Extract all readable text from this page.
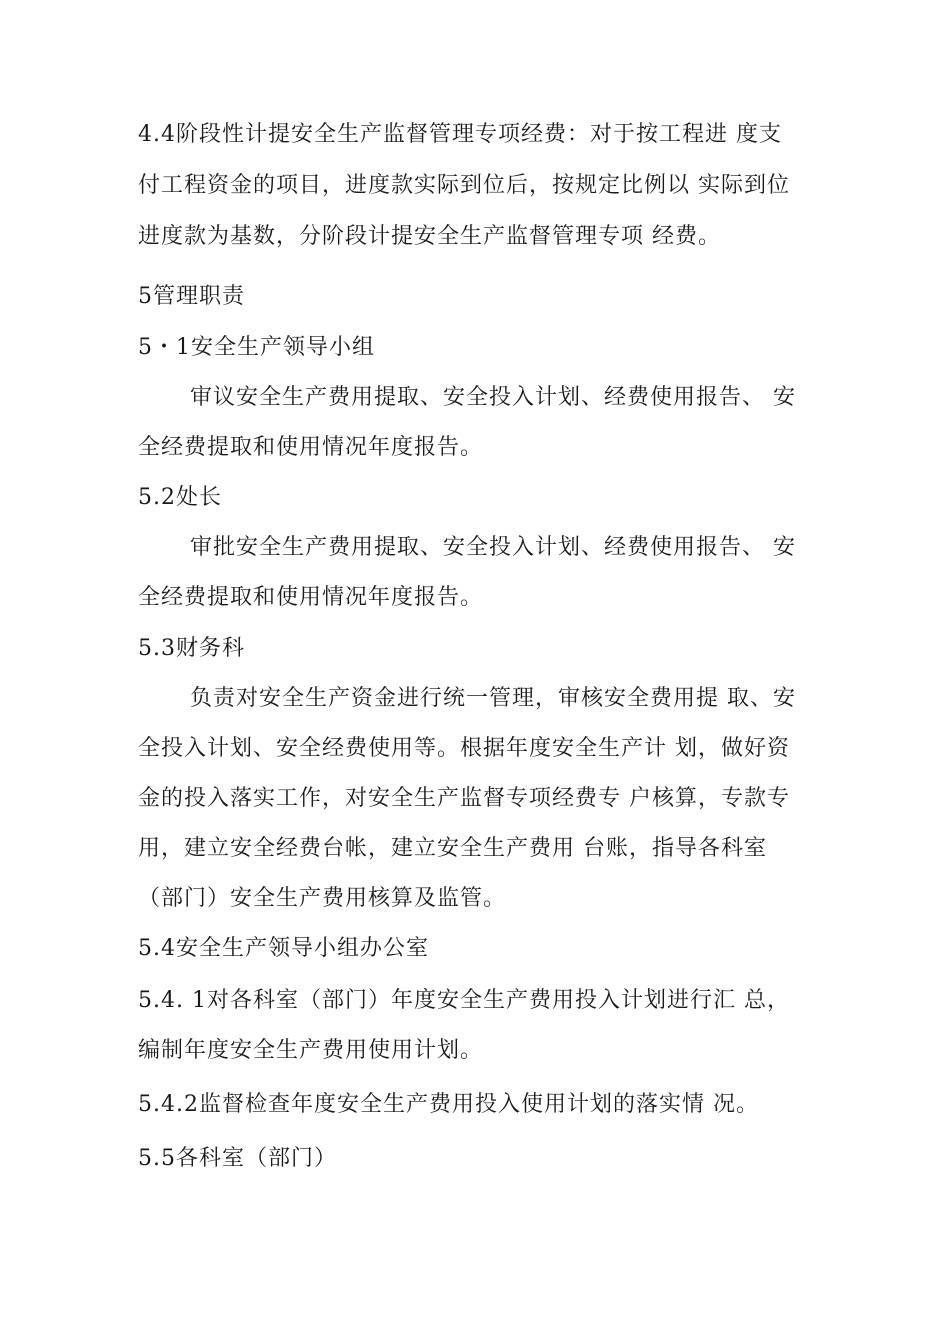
4.4阶段性计提安全生产监督管理专项经费：对于按工程进 度支
付工程资金的项目，进度款实际到位后，按规定比例以 实际到位
进度款为基数，分阶段计提安全生产监督管理专项 经费。
5管理职责
5・1安全生产领导小组
审议安全生产费用提取、安全投入计划、经费使用报告、 安
全经费提取和使用情况年度报告。
5.2处长
审批安全生产费用提取、安全投入计划、经费使用报告、 安
全经费提取和使用情况年度报告。
5.3财务科
负责对安全生产资金进行统一管理，审核安全费用提 取、安
全投入计划、安全经费使用等。根据年度安全生产计 划，做好资
金的投入落实工作，对安全生产监督专项经费专 户核算，专款专
用，建立安全经费台帐，建立安全生产费用 台账，指导各科室
（部门）安全生产费用核算及监管。
5.4安全生产领导小组办公室
5.4. 1对各科室（部门）年度安全生产费用投入计划进行汇 总，
编制年度安全生产费用使用计划。
5.4.2监督检查年度安全生产费用投入使用计划的落实情 况。
5.5各科室（部门）
